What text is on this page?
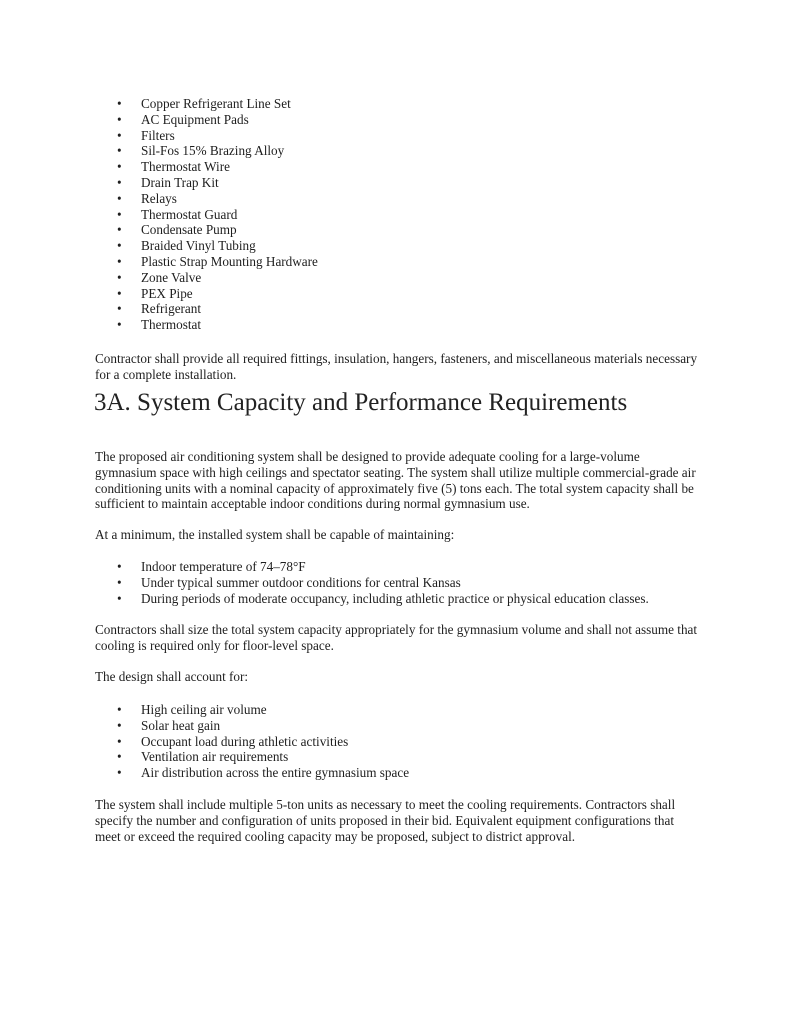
• Copper Refrigerant Line Set
• AC Equipment Pads
• Filters
• Sil-Fos 15% Brazing Alloy
• Thermostat Wire
• Drain Trap Kit
• Relays
• Thermostat Guard
• Condensate Pump
• Braided Vinyl Tubing
• Plastic Strap Mounting Hardware
• Zone Valve
• PEX Pipe
• Refrigerant
• Thermostat

Contractor shall provide all required fittings, insulation, hangers, fasteners, and miscellaneous materials necessary for a complete installation.

3A. System Capacity and Performance Requirements

The proposed air conditioning system shall be designed to provide adequate cooling for a large-volume gymnasium space with high ceilings and spectator seating. The system shall utilize multiple commercial-grade air conditioning units with a nominal capacity of approximately five (5) tons each. The total system capacity shall be sufficient to maintain acceptable indoor conditions during normal gymnasium use.

At a minimum, the installed system shall be capable of maintaining:

• Indoor temperature of 74–78°F
• Under typical summer outdoor conditions for central Kansas
• During periods of moderate occupancy, including athletic practice or physical education classes.

Contractors shall size the total system capacity appropriately for the gymnasium volume and shall not assume that cooling is required only for floor-level space.

The design shall account for:

• High ceiling air volume
• Solar heat gain
• Occupant load during athletic activities
• Ventilation air requirements
• Air distribution across the entire gymnasium space

The system shall include multiple 5-ton units as necessary to meet the cooling requirements. Contractors shall specify the number and configuration of units proposed in their bid. Equivalent equipment configurations that meet or exceed the required cooling capacity may be proposed, subject to district approval.
